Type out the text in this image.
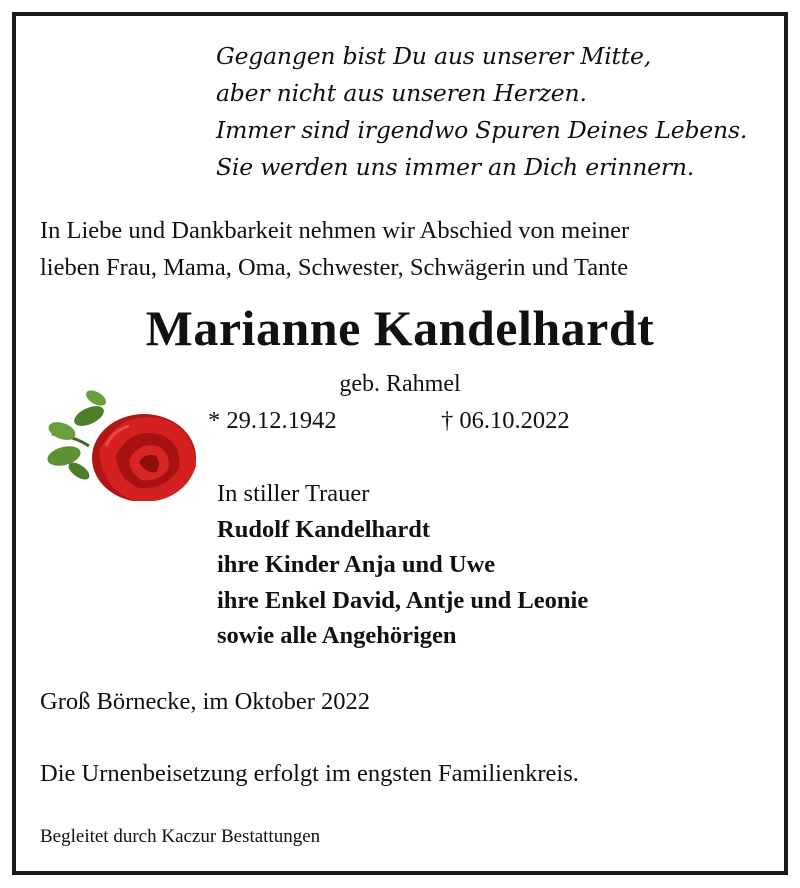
Gegangen bist Du aus unserer Mitte,
aber nicht aus unseren Herzen.
Immer sind irgendwo Spuren Deines Lebens.
Sie werden uns immer an Dich erinnern.
In Liebe und Dankbarkeit nehmen wir Abschied von meiner
lieben Frau, Mama, Oma, Schwester, Schwägerin und Tante
Marianne Kandelhardt
geb. Rahmel
* 29.12.1942	† 06.10.2022
In stiller Trauer
Rudolf Kandelhardt
ihre Kinder Anja und Uwe
ihre Enkel David, Antje und Leonie
sowie alle Angehörigen
Groß Börnecke, im Oktober 2022
Die Urnenbeisetzung erfolgt im engsten Familienkreis.
Begleitet durch Kaczur Bestattungen
